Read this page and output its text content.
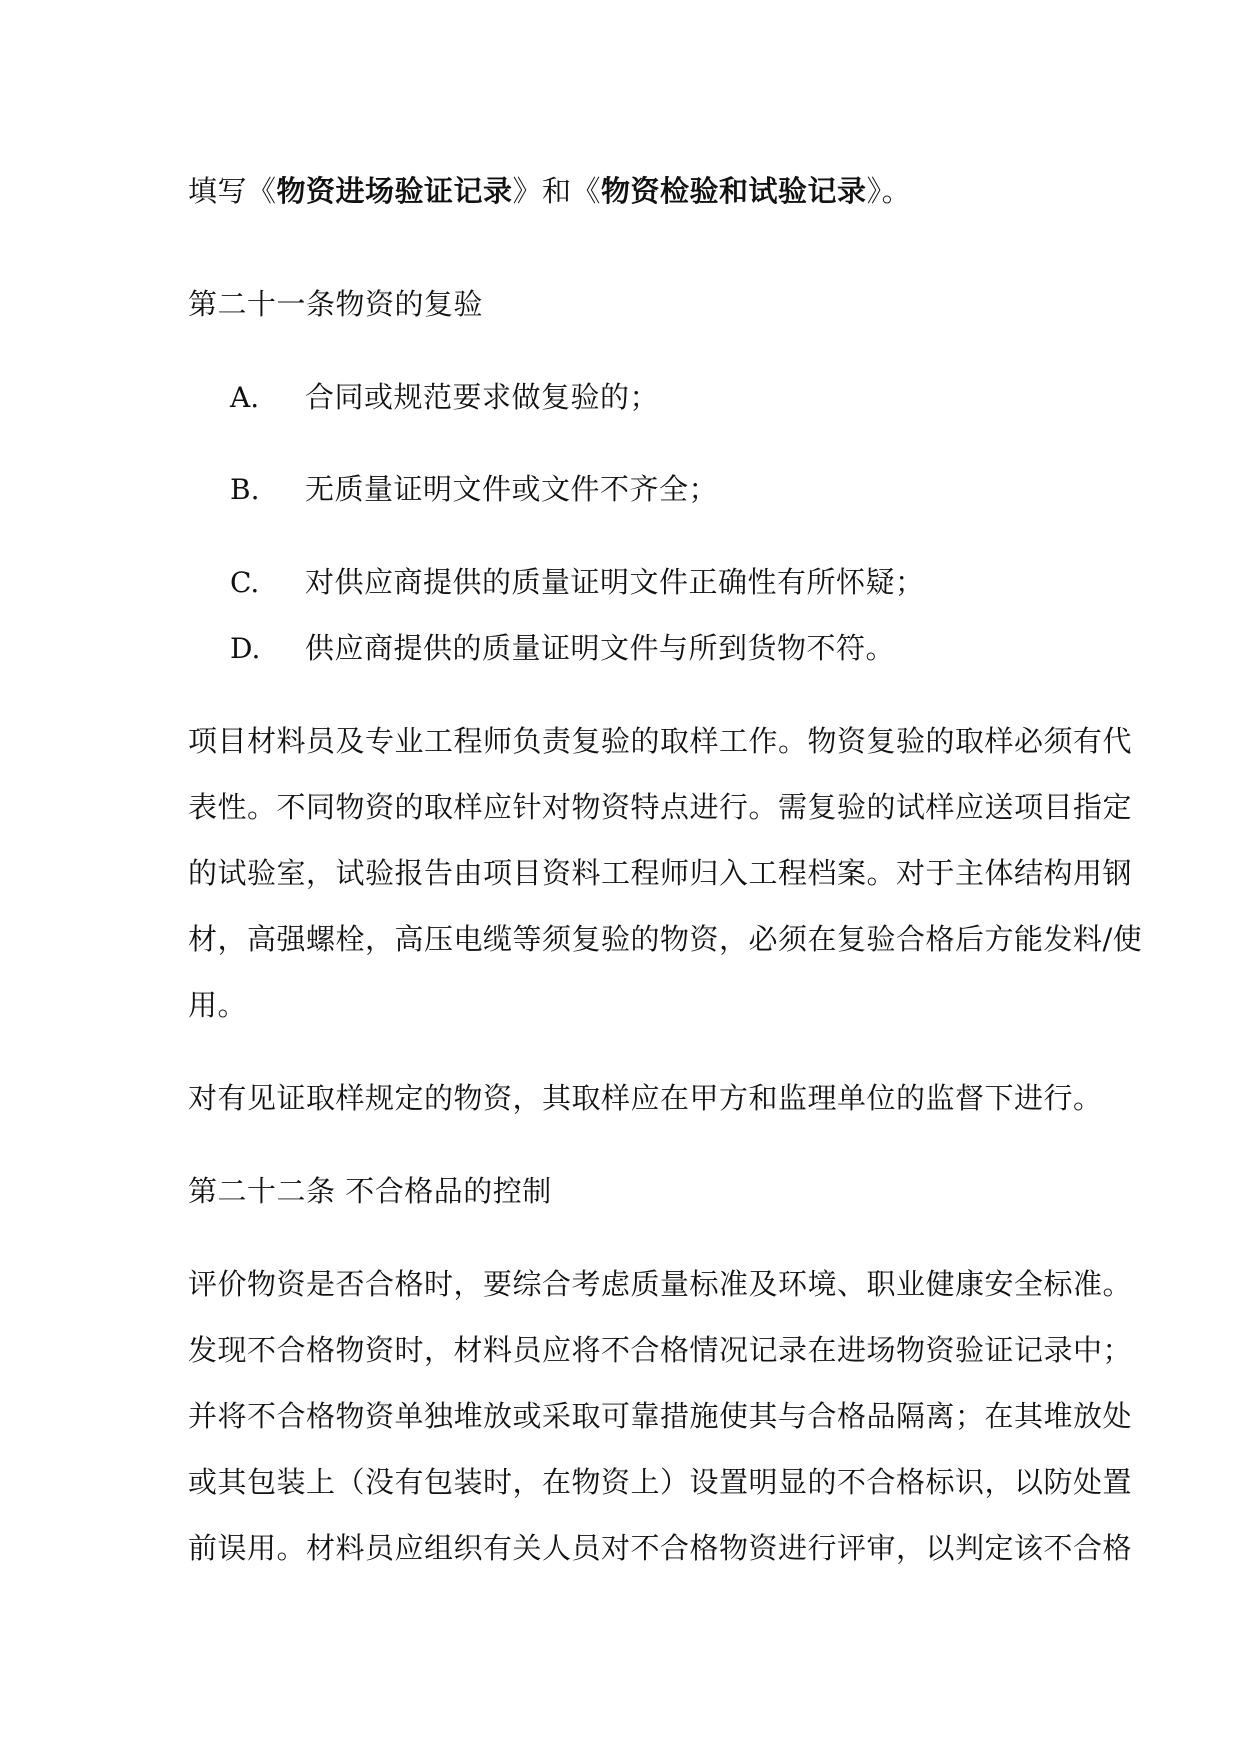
填写《物资进场验证记录》和《物资检验和试验记录》。
第二十一条物资的复验
A. 合同或规范要求做复验的；
B. 无质量证明文件或文件不齐全；
C. 对供应商提供的质量证明文件正确性有所怀疑；
D. 供应商提供的质量证明文件与所到货物不符。
项目材料员及专业工程师负责复验的取样工作。物资复验的取样必须有代
表性。不同物资的取样应针对物资特点进行。需复验的试样应送项目指定
的试验室，试验报告由项目资料工程师归入工程档案。对于主体结构用钢
材，高强螺栓，高压电缆等须复验的物资，必须在复验合格后方能发料/使
用。
对有见证取样规定的物资，其取样应在甲方和监理单位的监督下进行。
第二十二条 不合格品的控制
评价物资是否合格时，要综合考虑质量标准及环境、职业健康安全标准。
发现不合格物资时，材料员应将不合格情况记录在进场物资验证记录中；
并将不合格物资单独堆放或采取可靠措施使其与合格品隔离；在其堆放处
或其包装上（没有包装时，在物资上）设置明显的不合格标识，以防处置
前误用。材料员应组织有关人员对不合格物资进行评审，以判定该不合格
